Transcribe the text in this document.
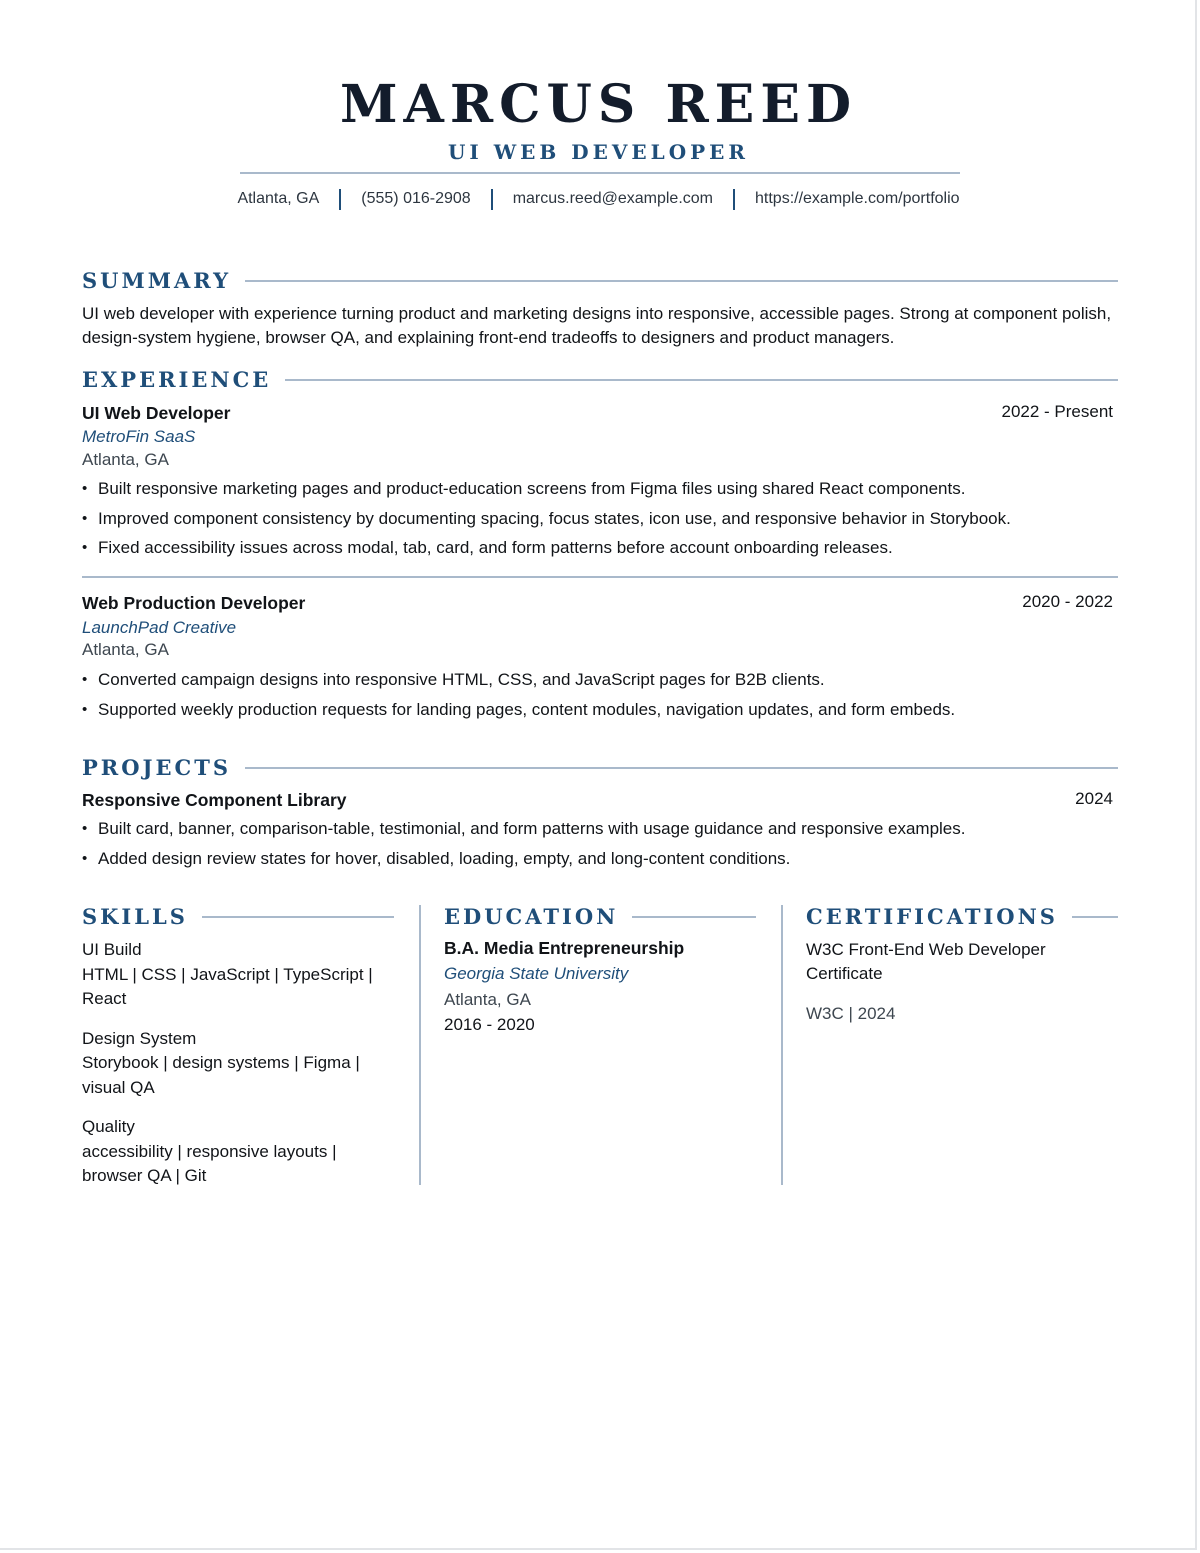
MARCUS REED
UI WEB DEVELOPER
Atlanta, GA	(555) 016-2908	marcus.reed@example.com	https://example.com/portfolio
SUMMARY
UI web developer with experience turning product and marketing designs into responsive, accessible pages. Strong at component polish, design-system hygiene, browser QA, and explaining front-end tradeoffs to designers and product managers.
EXPERIENCE
UI Web Developer	2022 - Present
MetroFin SaaS
Atlanta, GA
• Built responsive marketing pages and product-education screens from Figma files using shared React components.
• Improved component consistency by documenting spacing, focus states, icon use, and responsive behavior in Storybook.
• Fixed accessibility issues across modal, tab, card, and form patterns before account onboarding releases.
Web Production Developer	2020 - 2022
LaunchPad Creative
Atlanta, GA
• Converted campaign designs into responsive HTML, CSS, and JavaScript pages for B2B clients.
• Supported weekly production requests for landing pages, content modules, navigation updates, and form embeds.
PROJECTS
Responsive Component Library	2024
• Built card, banner, comparison-table, testimonial, and form patterns with usage guidance and responsive examples.
• Added design review states for hover, disabled, loading, empty, and long-content conditions.
SKILLS
UI Build
HTML | CSS | JavaScript | TypeScript |
React
Design System
Storybook | design systems | Figma |
visual QA
Quality
accessibility | responsive layouts |
browser QA | Git
EDUCATION
B.A. Media Entrepreneurship
Georgia State University
Atlanta, GA
2016 - 2020
CERTIFICATIONS
W3C Front-End Web Developer
Certificate
W3C | 2024
